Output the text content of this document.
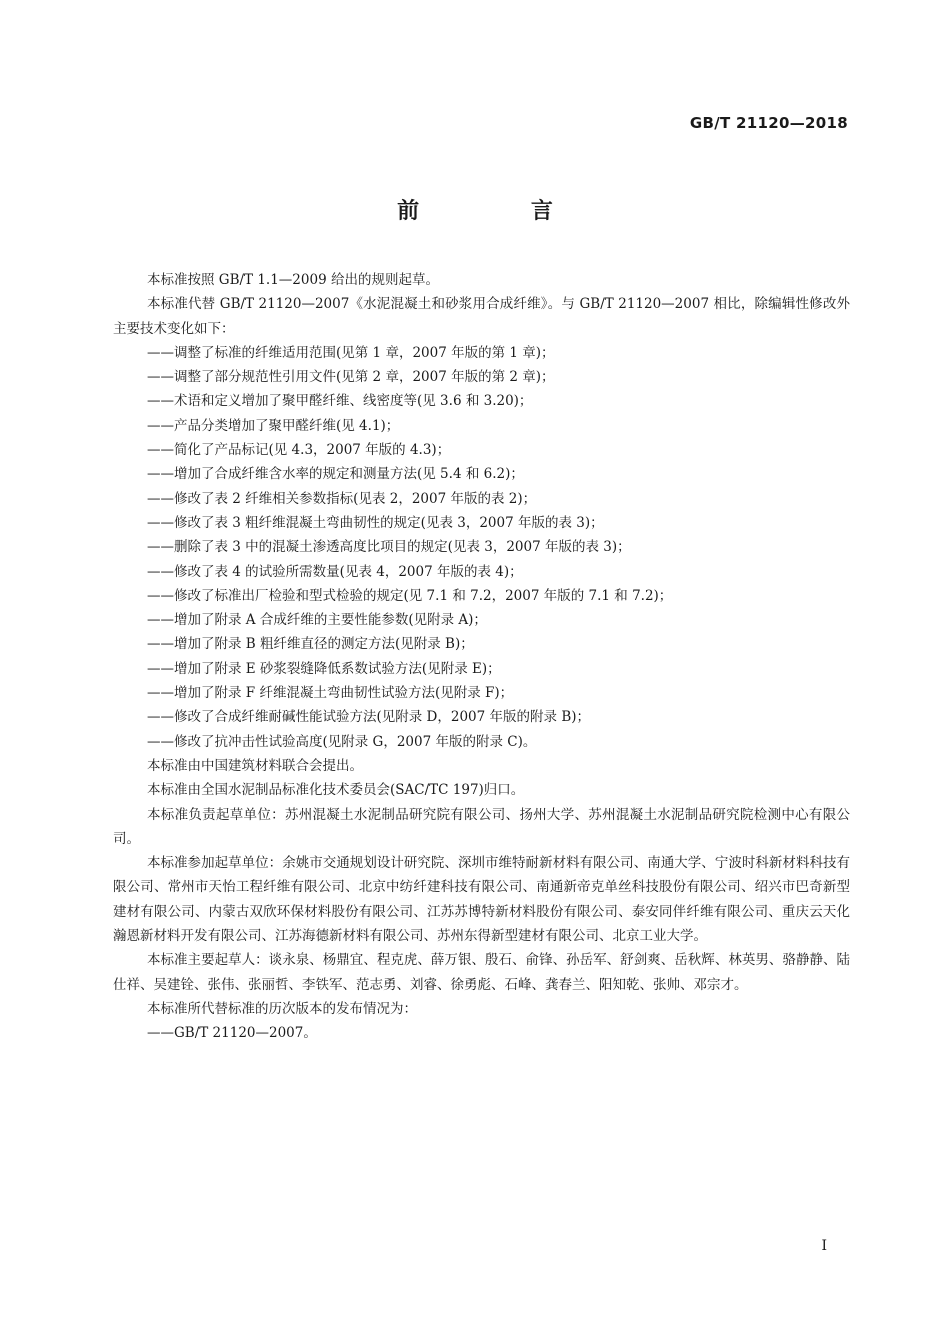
GB/T 21120—2018
前 言

本标准按照 GB/T 1.1—2009 给出的规则起草。

本标准代替 GB/T 21120—2007《水泥混凝土和砂浆用合成纤维》。与 GB/T 21120—2007 相比，除编辑性修改外主要技术变化如下：

——调整了标准的纤维适用范围(见第 1 章，2007 年版的第 1 章)；

——调整了部分规范性引用文件(见第 2 章，2007 年版的第 2 章)；

——术语和定义增加了聚甲醛纤维、线密度等(见 3.6 和 3.20)；

——产品分类增加了聚甲醛纤维(见 4.1)；

——简化了产品标记(见 4.3，2007 年版的 4.3)；

——增加了合成纤维含水率的规定和测量方法(见 5.4 和 6.2)；

——修改了表 2 纤维相关参数指标(见表 2，2007 年版的表 2)；

——修改了表 3 粗纤维混凝土弯曲韧性的规定(见表 3，2007 年版的表 3)；

——删除了表 3 中的混凝土渗透高度比项目的规定(见表 3，2007 年版的表 3)；

——修改了表 4 的试验所需数量(见表 4，2007 年版的表 4)；

——修改了标准出厂检验和型式检验的规定(见 7.1 和 7.2，2007 年版的 7.1 和 7.2)；

——增加了附录 A 合成纤维的主要性能参数(见附录 A)；

——增加了附录 B 粗纤维直径的测定方法(见附录 B)；

——增加了附录 E 砂浆裂缝降低系数试验方法(见附录 E)；

——增加了附录 F 纤维混凝土弯曲韧性试验方法(见附录 F)；

——修改了合成纤维耐碱性能试验方法(见附录 D，2007 年版的附录 B)；

——修改了抗冲击性试验高度(见附录 G，2007 年版的附录 C)。

本标准由中国建筑材料联合会提出。

本标准由全国水泥制品标准化技术委员会(SAC/TC 197)归口。

本标准负责起草单位：苏州混凝土水泥制品研究院有限公司、扬州大学、苏州混凝土水泥制品研究院检测中心有限公司。

本标准参加起草单位：余姚市交通规划设计研究院、深圳市维特耐新材料有限公司、南通大学、宁波时科新材料科技有限公司、常州市天怡工程纤维有限公司、北京中纺纤建科技有限公司、南通新帝克单丝科技股份有限公司、绍兴市巴奇新型建材有限公司、内蒙古双欣环保材料股份有限公司、江苏苏博特新材料股份有限公司、泰安同伴纤维有限公司、重庆云天化瀚恩新材料开发有限公司、江苏海德新材料有限公司、苏州东得新型建材有限公司、北京工业大学。

本标准主要起草人：谈永泉、杨鼎宜、程克虎、薛万银、殷石、俞锋、孙岳军、舒剑爽、岳秋辉、林英男、骆静静、陆仕祥、吴建铨、张伟、张丽哲、李铁军、范志勇、刘睿、徐勇彪、石峰、龚春兰、阳知乾、张帅、邓宗才。

本标准所代替标准的历次版本的发布情况为：

——GB/T 21120—2007。

I
